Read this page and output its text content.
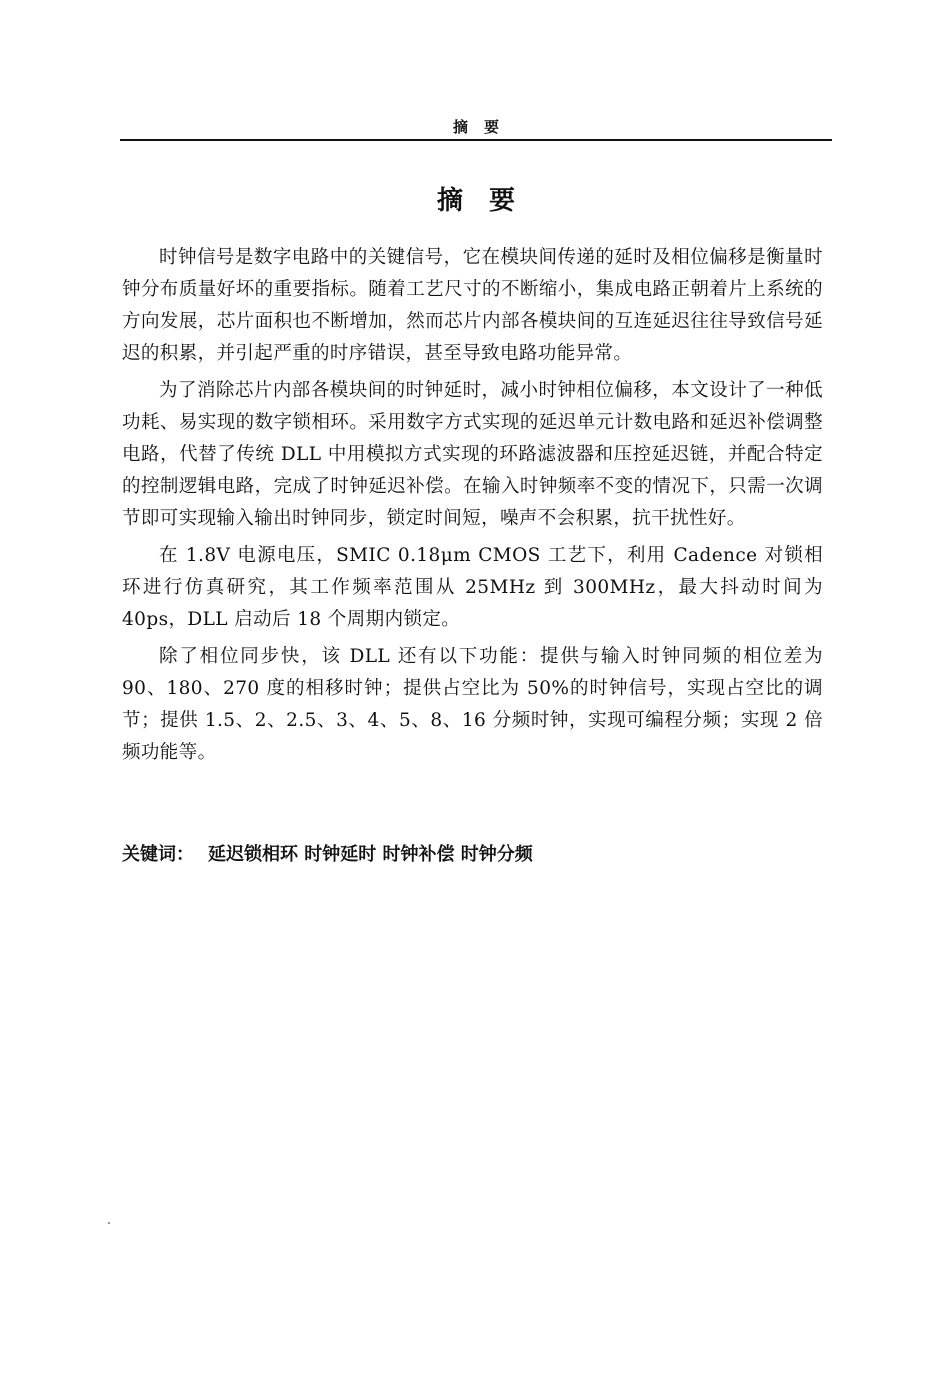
摘要
摘要

时钟信号是数字电路中的关键信号，它在模块间传递的延时及相位偏移是衡量时钟分布质量好坏的重要指标。随着工艺尺寸的不断缩小，集成电路正朝着片上系统的方向发展，芯片面积也不断增加，然而芯片内部各模块间的互连延迟往往导致信号延迟的积累，并引起严重的时序错误，甚至导致电路功能异常。

为了消除芯片内部各模块间的时钟延时，减小时钟相位偏移，本文设计了一种低功耗、易实现的数字锁相环。采用数字方式实现的延迟单元计数电路和延迟补偿调整电路，代替了传统 DLL 中用模拟方式实现的环路滤波器和压控延迟链，并配合特定的控制逻辑电路，完成了时钟延迟补偿。在输入时钟频率不变的情况下，只需一次调节即可实现输入输出时钟同步，锁定时间短，噪声不会积累，抗干扰性好。

在 1.8V 电源电压，SMIC 0.18μm CMOS 工艺下，利用 Cadence 对锁相环进行仿真研究，其工作频率范围从 25MHz 到 300MHz，最大抖动时间为 40ps，DLL 启动后 18 个周期内锁定。

除了相位同步快，该 DLL 还有以下功能：提供与输入时钟同频的相位差为 90、180、270 度的相移时钟；提供占空比为 50%的时钟信号，实现占空比的调节；提供 1.5、2、2.5、3、4、5、8、16 分频时钟，实现可编程分频；实现 2 倍频功能等。

关键词： 延迟锁相环 时钟延时 时钟补偿 时钟分频
